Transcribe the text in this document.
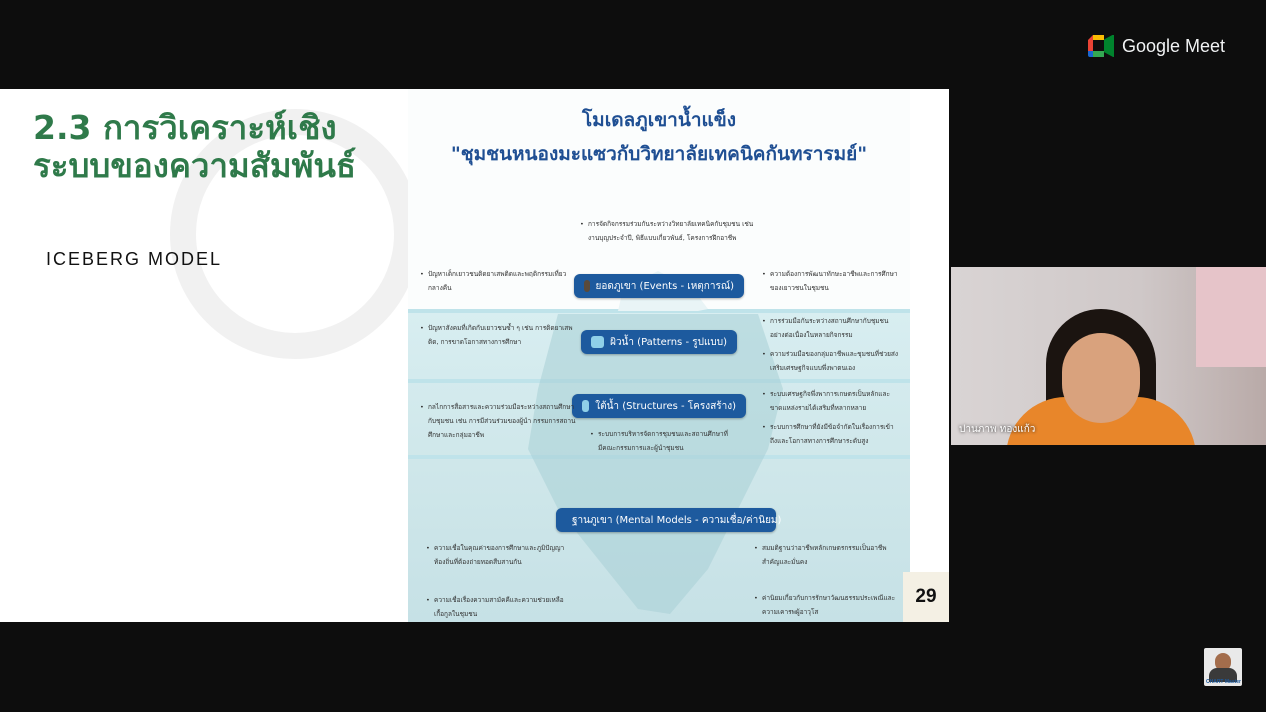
Google Meet
2.3 การวิเคราะห์เชิงระบบของความสัมพันธ์
ICEBERG MODEL
โมเดลภูเขาน้ำแข็ง
"ชุมชนหนองมะแซวกับวิทยาลัยเทคนิคกันทรารมย์"
• การจัดกิจกรรมร่วมกันระหว่างวิทยาลัยเทคนิคกับชุมชน เช่น งานบุญประจำปี, พิธีแบบเกี่ยวพันธ์, โครงการฝึกอาชีพ
ยอดภูเขา (Events - เหตุการณ์)
• ปัญหาเด็กเยาวชนติดยาเสพติดและพฤติกรรมเที่ยวกลางคืน
• ความต้องการพัฒนาทักษะอาชีพและการศึกษาของเยาวชนในชุมชน
ผิวน้ำ (Patterns - รูปแบบ)
• ปัญหาสังคมที่เกิดกับเยาวชนซ้ำ ๆ เช่น การติดยาเสพติด, การขาดโอกาสทางการศึกษา
• การร่วมมือกันระหว่างสถานศึกษากับชุมชนอย่างต่อเนื่องในหลายกิจกรรม
• ความร่วมมือของกลุ่มอาชีพและชุมชนที่ช่วยส่งเสริมเศรษฐกิจแบบพึ่งพาตนเอง
ใต้น้ำ (Structures - โครงสร้าง)
• กลไกการสื่อสารและความร่วมมือระหว่างสถานศึกษากับชุมชน เช่น การมีส่วนร่วมของผู้นำ กรรมการสถานศึกษาและกลุ่มอาชีพ
• ระบบเศรษฐกิจพึ่งพาการเกษตรเป็นหลักและขาดแหล่งรายได้เสริมที่หลากหลาย
• ระบบการศึกษาที่ยังมีข้อจำกัดในเรื่องการเข้าถึงและโอกาสทางการศึกษาระดับสูง
• ระบบการบริหารจัดการชุมชนและสถานศึกษาที่มีคณะกรรมการและผู้นำชุมชน
ฐานภูเขา (Mental Models - ความเชื่อ/ค่านิยม)
• ความเชื่อในคุณค่าของการศึกษาและภูมิปัญญาท้องถิ่นที่ต้องถ่ายทอดสืบสานกัน
• ความเชื่อเรื่องความสามัคคีและความช่วยเหลือเกื้อกูลในชุมชน
• สมมติฐานว่าอาชีพหลักเกษตรกรรมเป็นอาชีพสำคัญและมั่นคง
• ค่านิยมเกี่ยวกับการรักษาวัฒนธรรมประเพณีและความเคารพผู้อาวุโส
29
ปานภาพ ทองแก้ว
CHART Master
